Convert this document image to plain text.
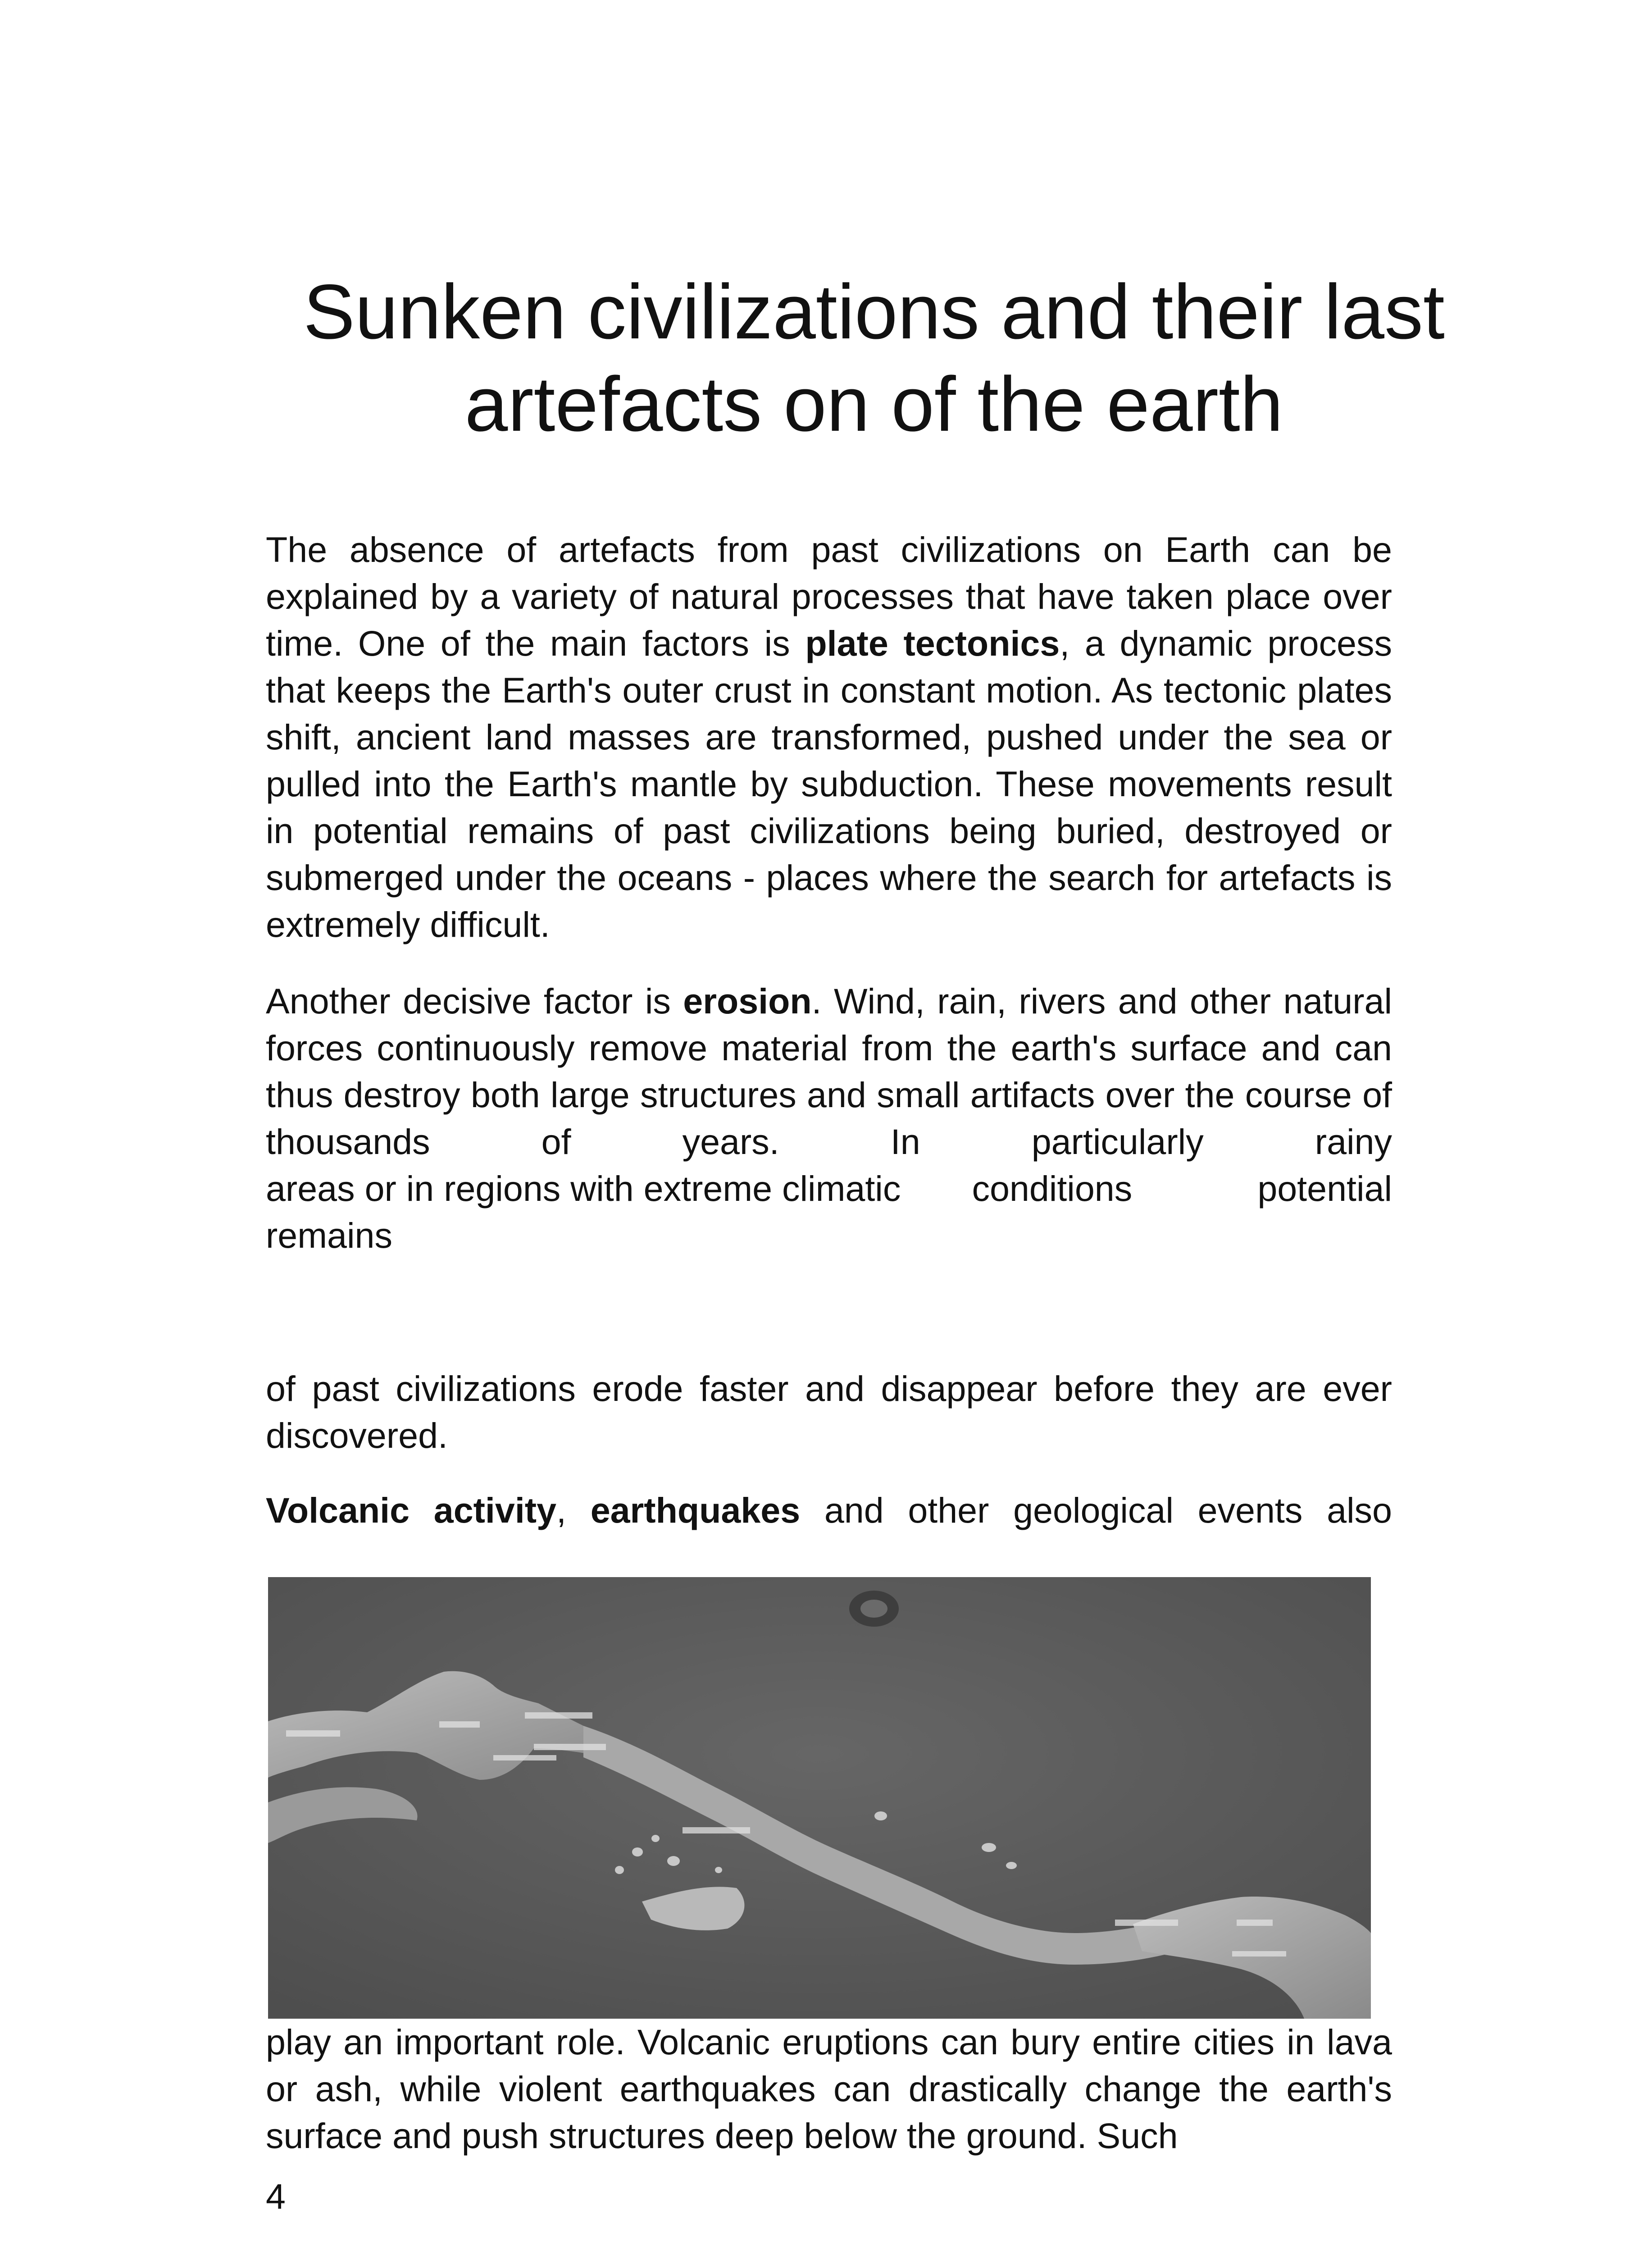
Sunken civilizations and their last
artefacts on of the earth

The absence of artefacts from past civilizations on Earth can be explained by a variety of natural processes that have taken place over time. One of the main factors is plate tectonics, a dynamic process that keeps the Earth's outer crust in constant motion. As tectonic plates shift, ancient land masses are transformed, pushed under the sea or pulled into the Earth's mantle by subduction. These movements result in potential remains of past civilizations being buried, destroyed or submerged under the oceans - places where the search for artefacts is extremely difficult.

Another decisive factor is erosion. Wind, rain, rivers and other natural forces continuously remove material from the earth's surface and can thus destroy both large structures and small artifacts over the course of thousands of years. In particularly rainy
areas or in regions with extreme climatic conditions	potential
remains

of past civilizations erode faster and disappear before they are ever discovered.

Volcanic activity, earthquakes and other geological events also

play an important role. Volcanic eruptions can bury entire cities in lava or ash, while violent earthquakes can drastically change the earth's surface and push structures deep below the ground. Such

4
